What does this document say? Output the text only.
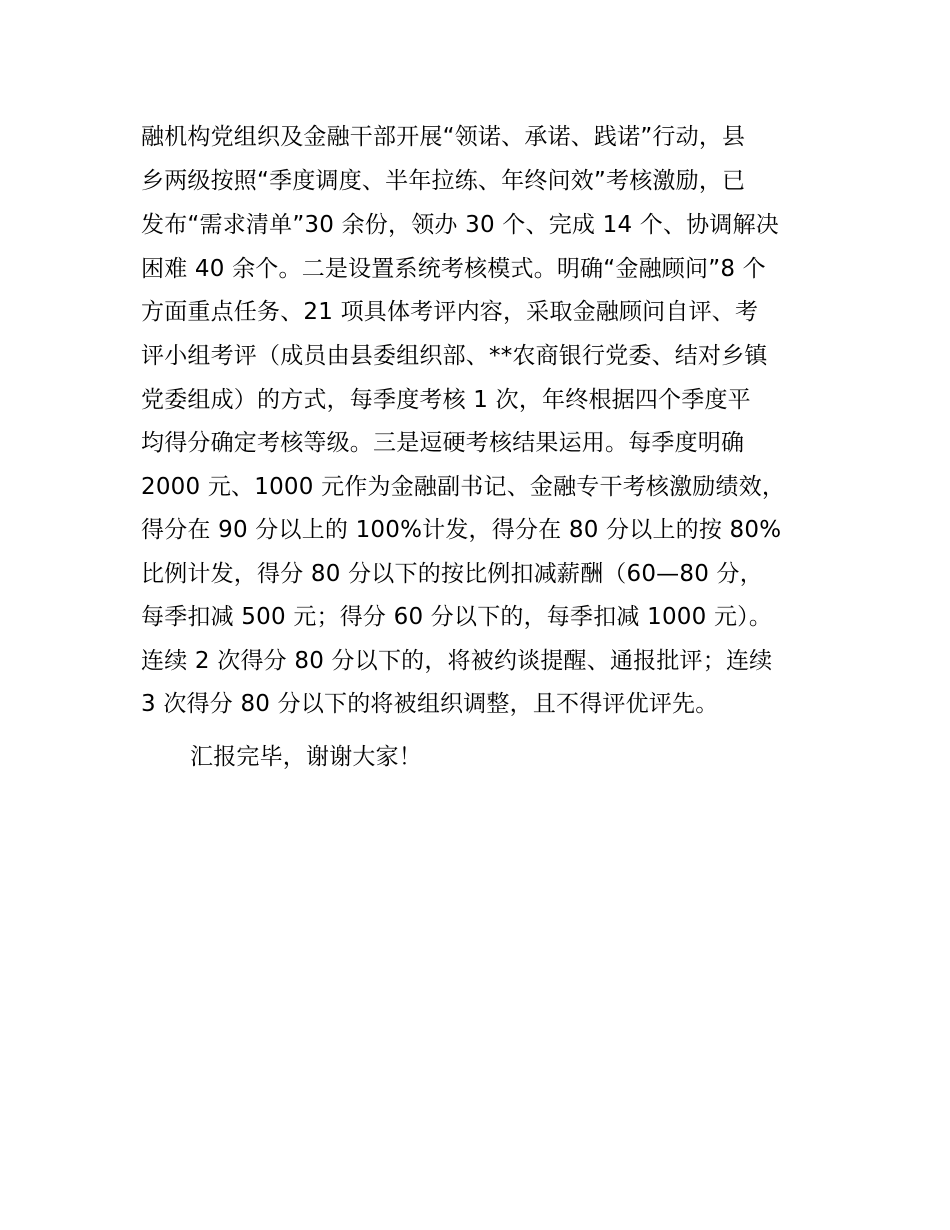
融机构党组织及金融干部开展“领诺、承诺、践诺”行动，县
乡两级按照“季度调度、半年拉练、年终问效”考核激励，已
发布“需求清单”30 余份，领办 30 个、完成 14 个、协调解决
困难 40 余个。二是设置系统考核模式。明确“金融顾问”8 个
方面重点任务、21 项具体考评内容，采取金融顾问自评、考
评小组考评（成员由县委组织部、**农商银行党委、结对乡镇
党委组成）的方式，每季度考核 1 次，年终根据四个季度平
均得分确定考核等级。三是逗硬考核结果运用。每季度明确
2000 元、1000 元作为金融副书记、金融专干考核激励绩效，
得分在 90 分以上的 100%计发，得分在 80 分以上的按 80%
比例计发，得分 80 分以下的按比例扣减薪酬（60—80 分，
每季扣减 500 元；得分 60 分以下的，每季扣减 1000 元）。
连续 2 次得分 80 分以下的，将被约谈提醒、通报批评；连续
3 次得分 80 分以下的将被组织调整，且不得评优评先。
汇报完毕，谢谢大家！
